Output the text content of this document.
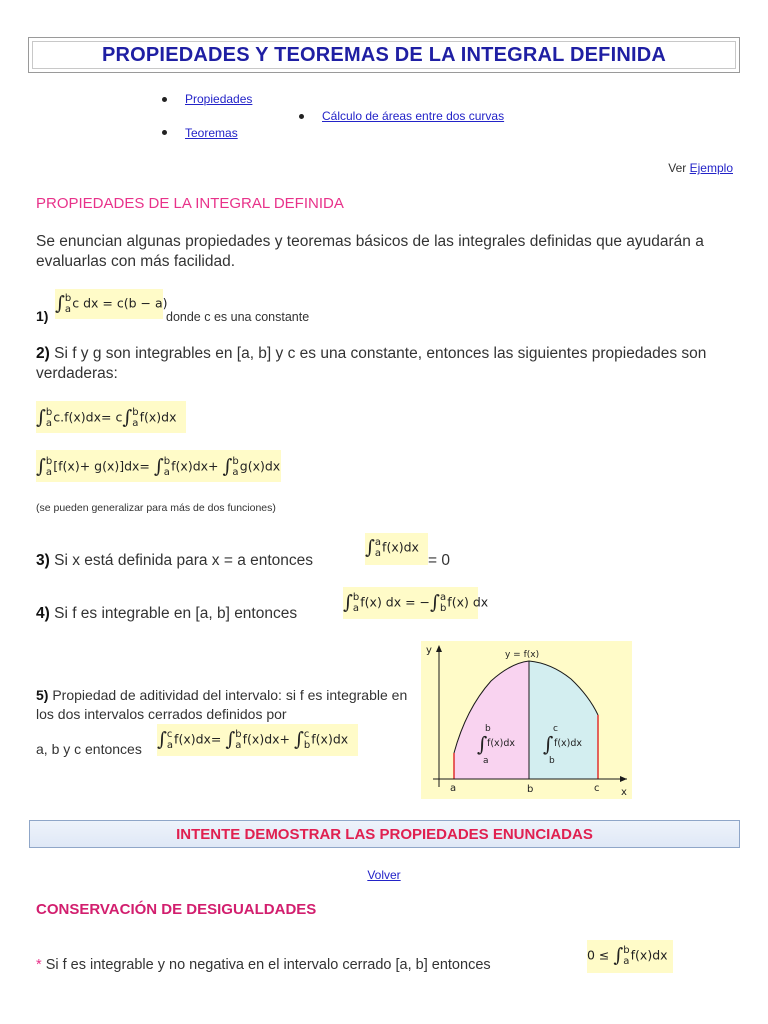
PROPIEDADES Y TEOREMAS DE LA INTEGRAL DEFINIDA
Propiedades
Cálculo de áreas entre dos curvas
Teoremas
Ver Ejemplo
PROPIEDADES DE LA INTEGRAL DEFINIDA
Se enuncian algunas propiedades y teoremas básicos de las integrales definidas que ayudarán a evaluarlas con más facilidad.
1)
∫b
ac dx = c(b − a)
donde c es una constante
2) Si f y g son integrables en [a, b] y c es una constante, entonces las siguientes propiedades son verdaderas:
∫b
ac.f(x)dx= c∫b
af(x)dx
∫b
a[f(x)+ g(x)]dx= ∫b
af(x)dx+ ∫b
ag(x)dx
(se pueden generalizar para más de dos funciones)
3) Si x está definida para x = a entonces
∫a
af(x)dx
= 0
4) Si f es integrable en [a, b] entonces ∫b
af(x) dx = −∫a
bf(x) dx
5) Propiedad de aditividad del intervalo: si f es integrable en los dos intervalos cerrados definidos por
a, b y c entonces ∫c
af(x)dx= ∫b
af(x)dx+ ∫c
bf(x)dx
y
x
y = f(x)
a	b	c
∫
b
a
f(x)dx ∫
c
b
f(x)dx
INTENTE DEMOSTRAR LAS PROPIEDADES ENUNCIADAS
Volver
CONSERVACIÓN DE DESIGUALDADES
* Si f es integrable y no negativa en el intervalo cerrado [a, b] entonces
0 ≤ ∫b
af(x)dx
